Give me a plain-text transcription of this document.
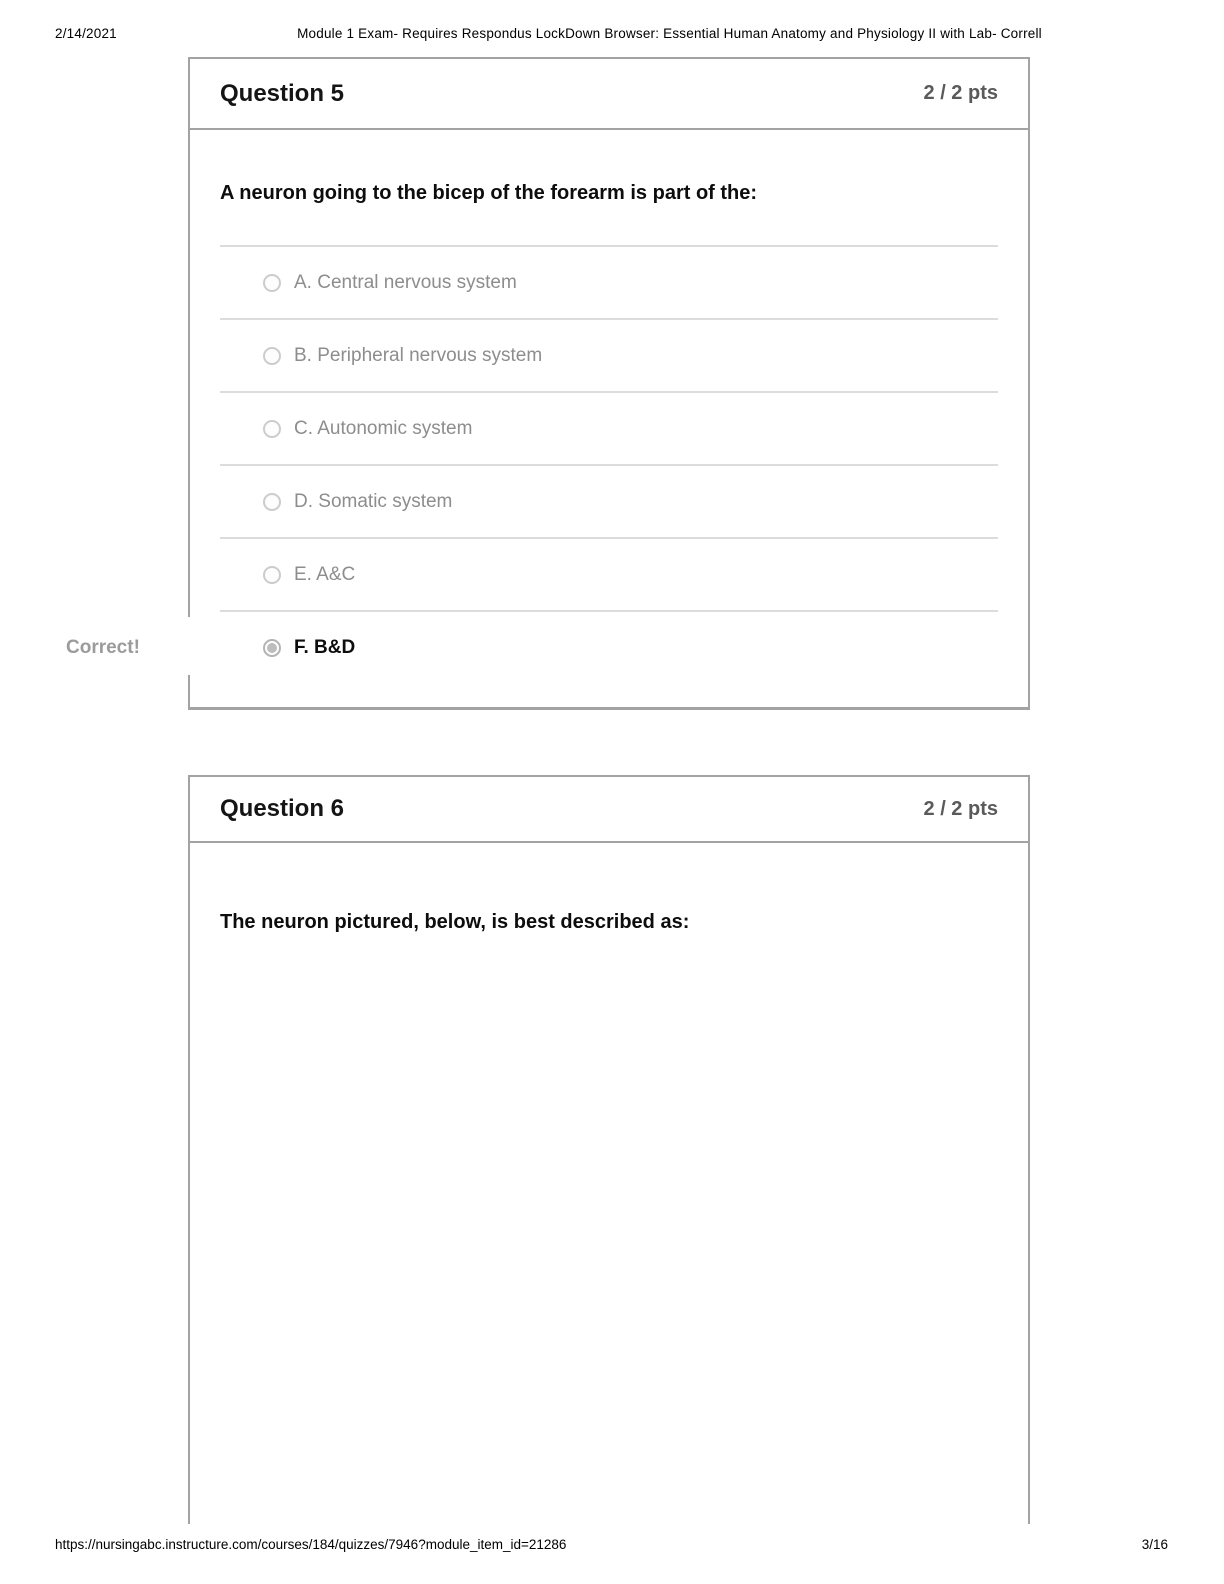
2/14/2021	Module 1 Exam- Requires Respondus LockDown Browser: Essential Human Anatomy and Physiology II with Lab- Correll
Question 5	2 / 2 pts
A neuron going to the bicep of the forearm is part of the:
A. Central nervous system
B. Peripheral nervous system
C. Autonomic system
D. Somatic system
E. A&C
Correct!	F. B&D
Question 6	2 / 2 pts
The neuron pictured, below, is best described as:
https://nursingabc.instructure.com/courses/184/quizzes/7946?module_item_id=21286	3/16
